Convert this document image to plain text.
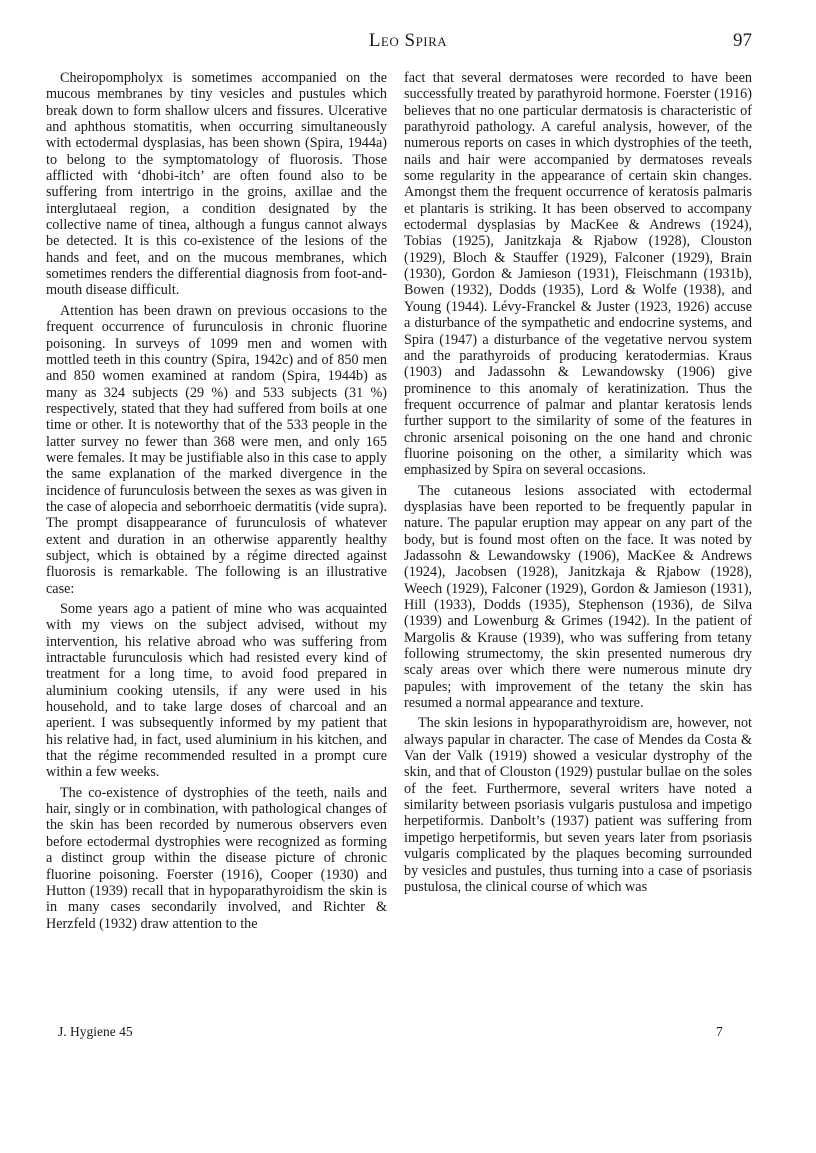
Leo Spira	97

Cheiropompholyx is sometimes accompanied on the mucous membranes by tiny vesicles and pustules which break down to form shallow ulcers and fissures. Ulcerative and aphthous stomatitis, when occurring simultaneously with ectodermal dysplasias, has been shown (Spira, 1944a) to belong to the symptomatology of fluorosis. Those afflicted with ‘dhobi-itch’ are often found also to be suffering from intertrigo in the groins, axillae and the interglutaeal region, a condition designated by the collective name of tinea, although a fungus cannot always be detected. It is this co-existence of the lesions of the hands and feet, and on the mucous membranes, which sometimes renders the differential diagnosis from foot-and-mouth disease difficult.

Attention has been drawn on previous occasions to the frequent occurrence of furunculosis in chronic fluorine poisoning. In surveys of 1099 men and women with mottled teeth in this country (Spira, 1942c) and of 850 men and 850 women examined at random (Spira, 1944b) as many as 324 subjects (29 %) and 533 subjects (31 %) respectively, stated that they had suffered from boils at one time or other. It is noteworthy that of the 533 people in the latter survey no fewer than 368 were men, and only 165 were females. It may be justifiable also in this case to apply the same explanation of the marked divergence in the incidence of furunculosis between the sexes as was given in the case of alopecia and seborrhoeic dermatitis (vide supra). The prompt disappearance of furunculosis of whatever extent and duration in an otherwise apparently healthy subject, which is obtained by a régime directed against fluorosis is remarkable. The following is an illustrative case:

Some years ago a patient of mine who was acquainted with my views on the subject advised, without my intervention, his relative abroad who was suffering from intractable furunculosis which had resisted every kind of treatment for a long time, to avoid food prepared in aluminium cooking utensils, if any were used in his household, and to take large doses of charcoal and an aperient. I was subsequently informed by my patient that his relative had, in fact, used aluminium in his kitchen, and that the régime recommended resulted in a prompt cure within a few weeks.

The co-existence of dystrophies of the teeth, nails and hair, singly or in combination, with pathological changes of the skin has been recorded by numerous observers even before ectodermal dystrophies were recognized as forming a distinct group within the disease picture of chronic fluorine poisoning. Foerster (1916), Cooper (1930) and Hutton (1939) recall that in hypoparathyroidism the skin is in many cases secondarily involved, and Richter & Herzfeld (1932) draw attention to the

fact that several dermatoses were recorded to have been successfully treated by parathyroid hormone. Foerster (1916) believes that no one particular dermatosis is characteristic of parathyroid pathology. A careful analysis, however, of the numerous reports on cases in which dystrophies of the teeth, nails and hair were accompanied by dermatoses reveals some regularity in the appearance of certain skin changes. Amongst them the frequent occurrence of keratosis palmaris et plantaris is striking. It has been observed to accompany ectodermal dysplasias by MacKee & Andrews (1924), Tobias (1925), Janitzkaja & Rjabow (1928), Clouston (1929), Bloch & Stauffer (1929), Falconer (1929), Brain (1930), Gordon & Jamieson (1931), Fleischmann (1931b), Bowen (1932), Dodds (1935), Lord & Wolfe (1938), and Young (1944). Lévy-Franckel & Juster (1923, 1926) accuse a disturbance of the sympathetic and endocrine systems, and Spira (1947) a disturbance of the vegetative nervou system and the parathyroids of producing keratodermias. Kraus (1903) and Jadassohn & Lewandowsky (1906) give prominence to this anomaly of keratinization. Thus the frequent occurrence of palmar and plantar keratosis lends further support to the similarity of some of the features in chronic arsenical poisoning on the one hand and chronic fluorine poisoning on the other, a similarity which was emphasized by Spira on several occasions.

The cutaneous lesions associated with ectodermal dysplasias have been reported to be frequently papular in nature. The papular eruption may appear on any part of the body, but is found most often on the face. It was noted by Jadassohn & Lewandowsky (1906), MacKee & Andrews (1924), Jacobsen (1928), Janitzkaja & Rjabow (1928), Weech (1929), Falconer (1929), Gordon & Jamieson (1931), Hill (1933), Dodds (1935), Stephenson (1936), de Silva (1939) and Lowenburg & Grimes (1942). In the patient of Margolis & Krause (1939), who was suffering from tetany following strumectomy, the skin presented numerous dry scaly areas over which there were numerous minute dry papules; with improvement of the tetany the skin has resumed a normal appearance and texture.

The skin lesions in hypoparathyroidism are, however, not always papular in character. The case of Mendes da Costa & Van der Valk (1919) showed a vesicular dystrophy of the skin, and that of Clouston (1929) pustular bullae on the soles of the feet. Furthermore, several writers have noted a similarity between psoriasis vulgaris pustulosa and impetigo herpetiformis. Danbolt’s (1937) patient was suffering from impetigo herpetiformis, but seven years later from psoriasis vulgaris complicated by the plaques becoming surrounded by vesicles and pustules, thus turning into a case of psoriasis pustulosa, the clinical course of which was

J. Hygiene 45	7
